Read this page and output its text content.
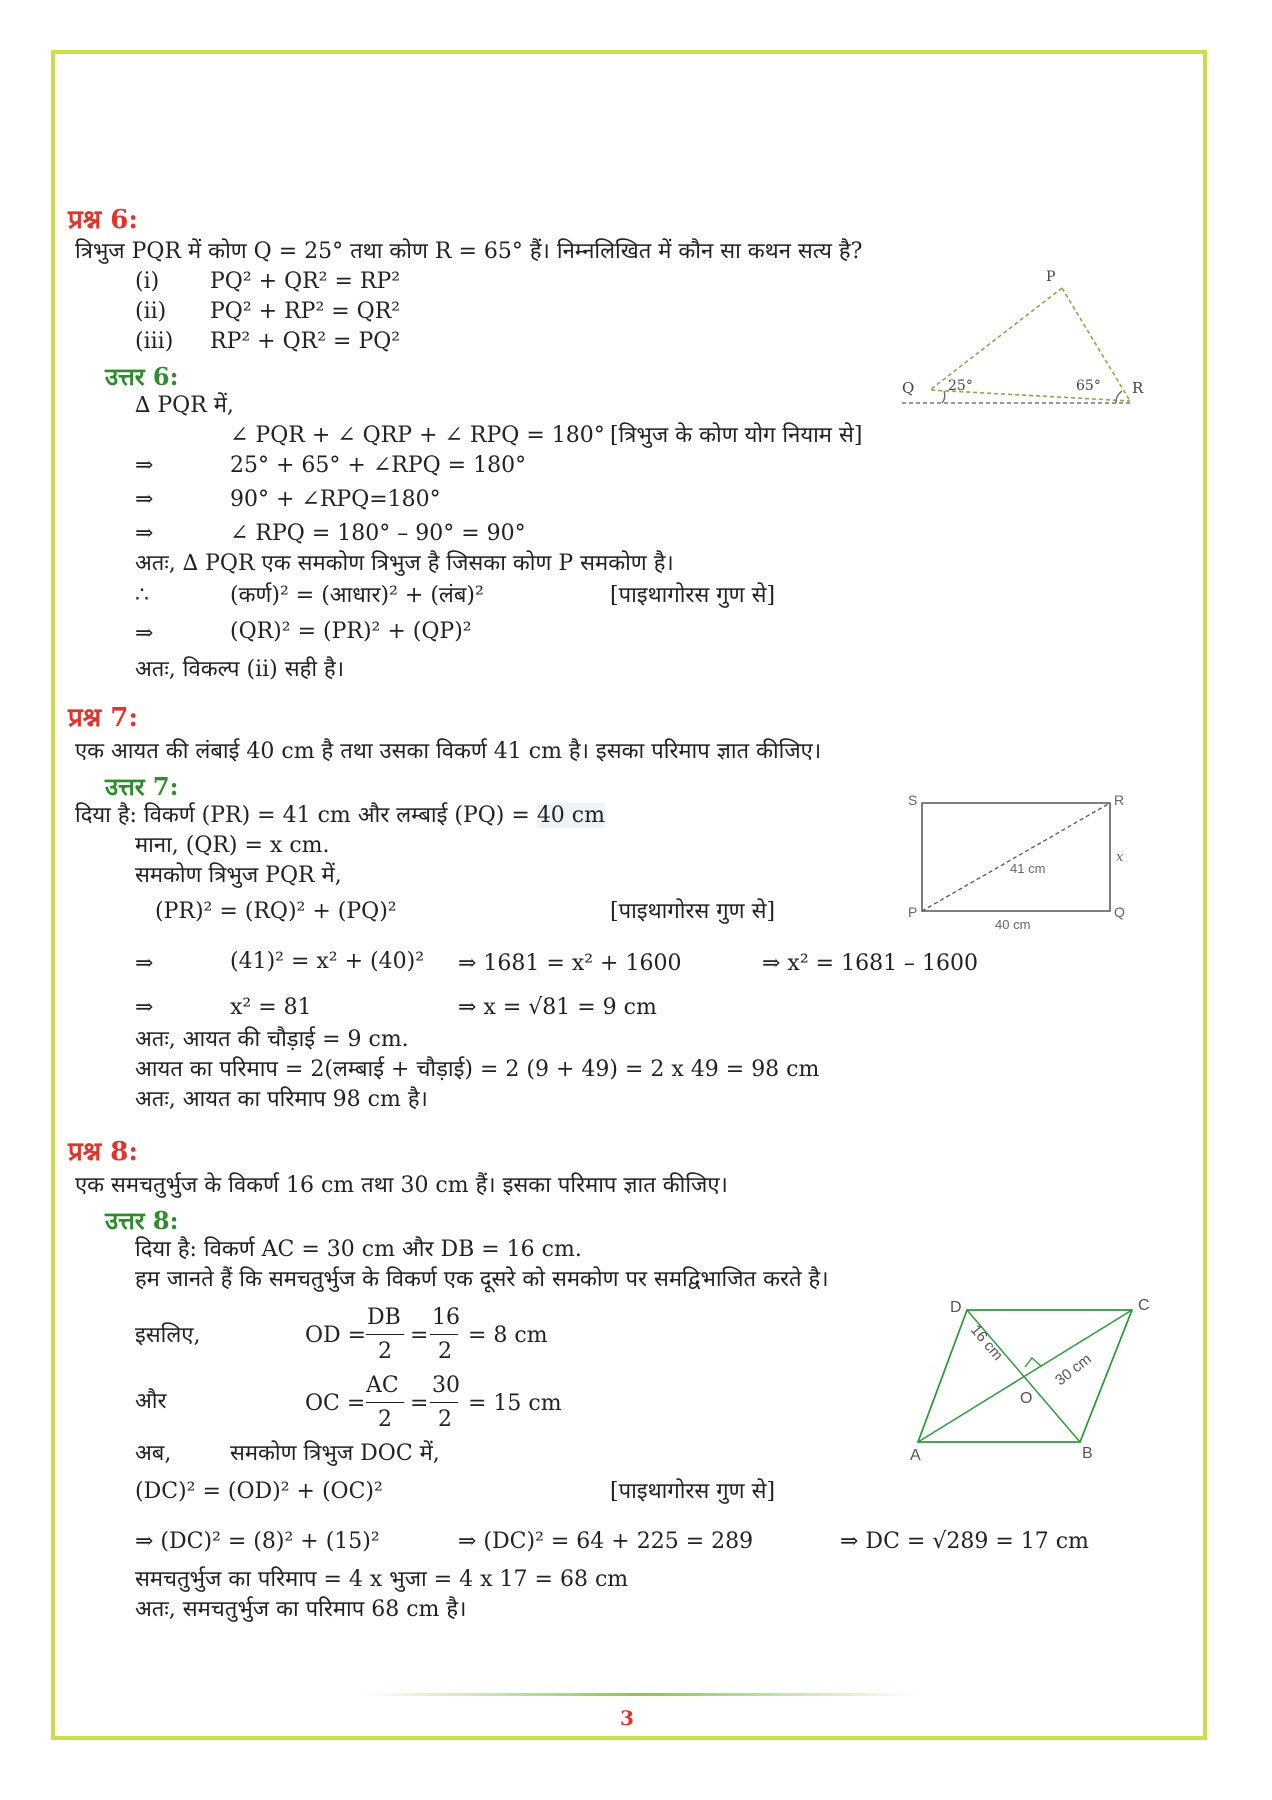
प्रश्न 6:
त्रिभुज PQR में कोण Q = 25° तथा कोण R = 65° हैं। निम्नलिखित में कौन सा कथन सत्य है?
(i) PQ² + QR² = RP²
(ii) PQ² + RP² = QR²
(iii) RP² + QR² = PQ²
उत्तर 6:
P
Q	R
25°	65°
∆ PQR में,
∠ PQR + ∠ QRP + ∠ RPQ = 180° [त्रिभुज के कोण योग नियाम से]
⇒	25° + 65° + ∠RPQ = 180°
⇒	90° + ∠RPQ=180°
⇒	∠ RPQ = 180° – 90° = 90°
अतः, ∆ PQR एक समकोण त्रिभुज है जिसका कोण P समकोण है।
∴	(कर्ण)² = (आधार)² + (लंब)²	[पाइथागोरस गुण से]
⇒	(QR)² = (PR)² + (QP)²
अतः, विकल्प (ii) सही है।
प्रश्न 7:
एक आयत की लंबाई 40 cm है तथा उसका विकर्ण 41 cm है। इसका परिमाप ज्ञात कीजिए।
उत्तर 7:	S	R
P	Q
41 cm
x
40 cm
दिया है: विकर्ण (PR) = 41 cm और लम्बाई (PQ) = 40 cm
माना, (QR) = x cm.
समकोण त्रिभुज PQR में,
(PR)² = (RQ)² + (PQ)²	[पाइथागोरस गुण से]
⇒	(41)² = x² + (40)² ⇒ 1681 = x² + 1600	⇒ x² = 1681 – 1600
⇒	x² = 81	⇒ x = √81 = 9 cm
अतः, आयत की चौड़ाई = 9 cm.
आयत का परिमाप = 2(लम्बाई + चौड़ाई) = 2 (9 + 49) = 2 x 49 = 98 cm
अतः, आयत का परिमाप 98 cm है।
प्रश्न 8:
एक समचतुर्भुज के विकर्ण 16 cm तथा 30 cm हैं। इसका परिमाप ज्ञात कीजिए।
उत्तर 8:
D	C
A	B
O
16 cm
30 cm
दिया है: विकर्ण AC = 30 cm और DB = 16 cm.
हम जानते हैं कि समचतुर्भुज के विकर्ण एक दूसरे को समकोण पर समद्विभाजित करते है।
इसलिए,	OD =
DB
2
=
16
2
= 8 cm
और	OC =
AC
2
=
30
2
= 15 cm
अब,	समकोण त्रिभुज DOC में,
(DC)² = (OD)² + (OC)²	[पाइथागोरस गुण से]
⇒ (DC)² = (8)² + (15)²	⇒ (DC)² = 64 + 225 = 289	⇒ DC = √289 = 17 cm
समचतुर्भुज का परिमाप = 4 x भुजा = 4 x 17 = 68 cm
अतः, समचतुर्भुज का परिमाप 68 cm है।
3
